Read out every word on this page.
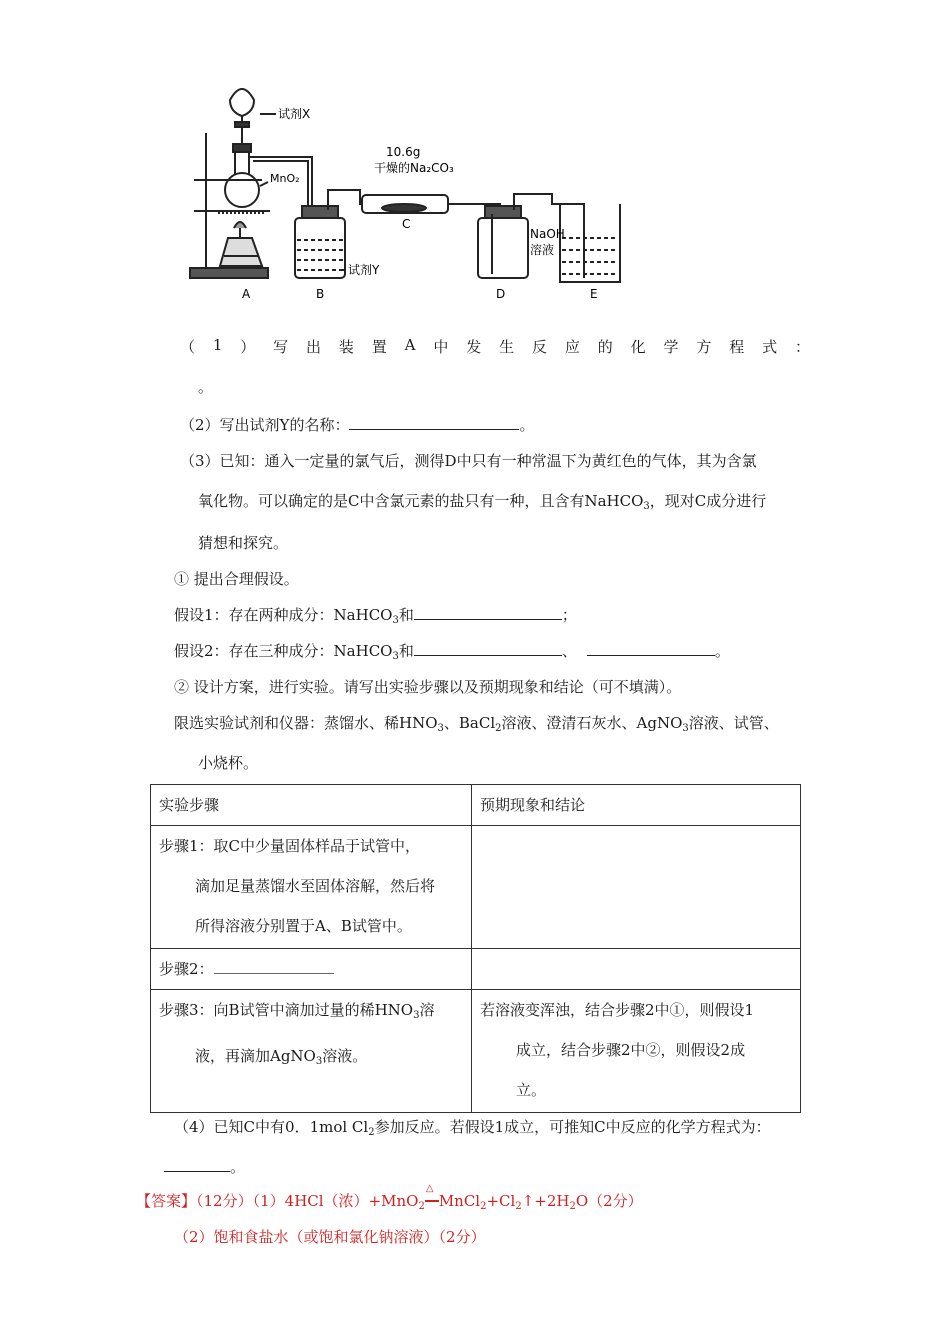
试剂X
MnO₂
10.6g
干燥的Na₂CO₃
试剂Y
NaOH
溶液
A	B
C
D	E
（ 1 ） 写 出 装 置 A 中 发 生 反 应 的 化 学 方 程 式 ：
。
（2）写出试剂Y的名称：	。
（3）已知：通入一定量的氯气后，测得D中只有一种常温下为黄红色的气体，其为含氯
氧化物。可以确定的是C中含氯元素的盐只有一种，且含有NaHCO$_3$，现对C成分进行
猜想和探究。
① 提出合理假设。
假设1：存在两种成分：NaHCO$_3$和	；
假设2：存在三种成分：NaHCO$_3$和	、	。
② 设计方案，进行实验。请写出实验步骤以及预期现象和结论（可不填满）。
限选实验试剂和仪器：蒸馏水、稀$HNO_3$、BaCl$_2$溶液、澄清石灰水、AgNO$_3$溶液、试管、
小烧杯。
实验步骤	预期现象和结论

步骤1：取C中少量固体样品于试管中，
滴加足量蒸馏水至固体溶解，然后将
所得溶液分别置于A、B试管中。	

步骤2：	

步骤3：向B试管中滴加过量的稀$HNO_3$溶
液，再滴加AgNO$_3$溶液。	若溶液变浑浊，结合步骤2中①，则假设1
成立，结合步骤2中②，则假设2成
立。
（4）已知C中有0．1mol $Cl_2$参加反应。若假设1成立，可推知C中反应的化学方程式为：
。
【答案】（12分）（1）4HCl（浓）+MnO$_2$
△
$MnCl_2+Cl_2↑+2H_2O(2$分）
（2）饱和食盐水（或饱和氯化钠溶液）（2分）
